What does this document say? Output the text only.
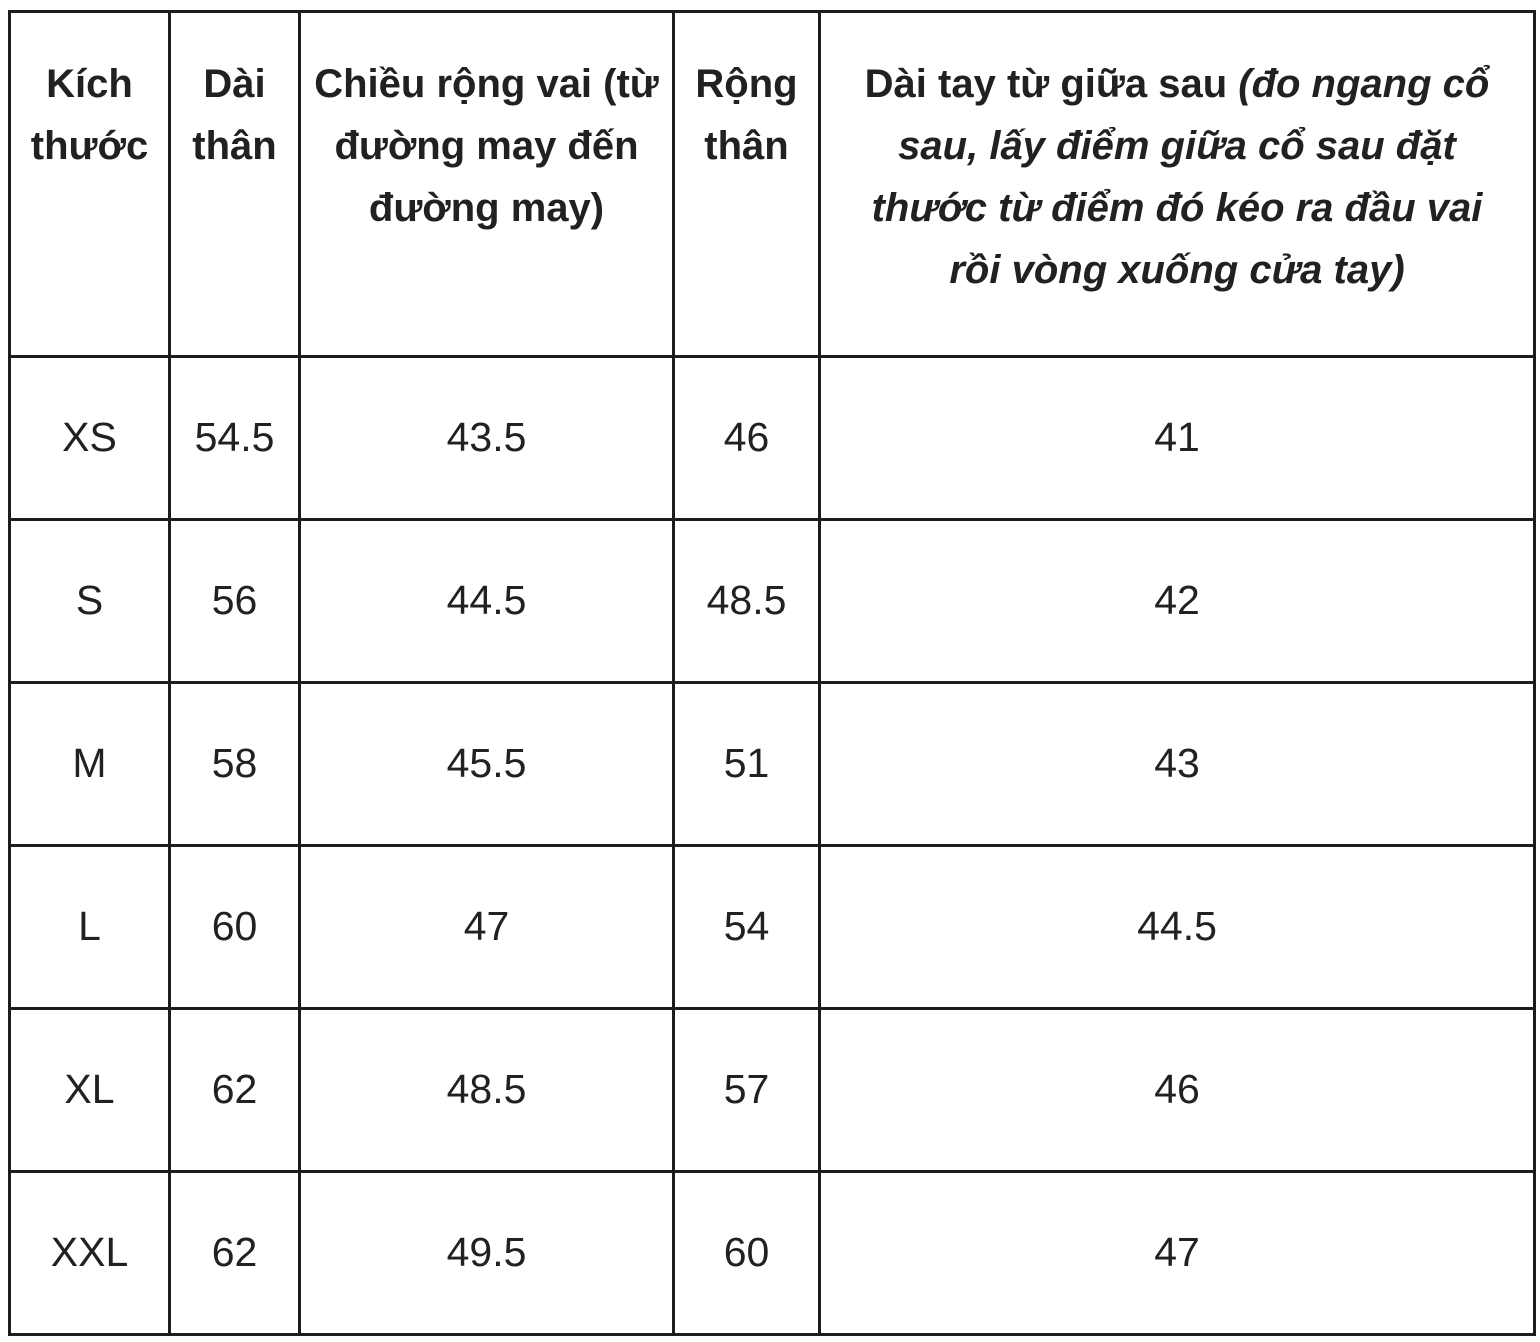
Kích thước	Dài thân	Chiều rộng vai (từ đường may đến đường may)	Rộng thân	Dài tay từ giữa sau (đo ngang cổ sau, lấy điểm giữa cổ sau đặt thước từ điểm đó kéo ra đầu vai rồi vòng xuống cửa tay)
XS	54.5	43.5	46	41
S	56	44.5	48.5	42
M	58	45.5	51	43
L	60	47	54	44.5
XL	62	48.5	57	46
XXL	62	49.5	60	47
